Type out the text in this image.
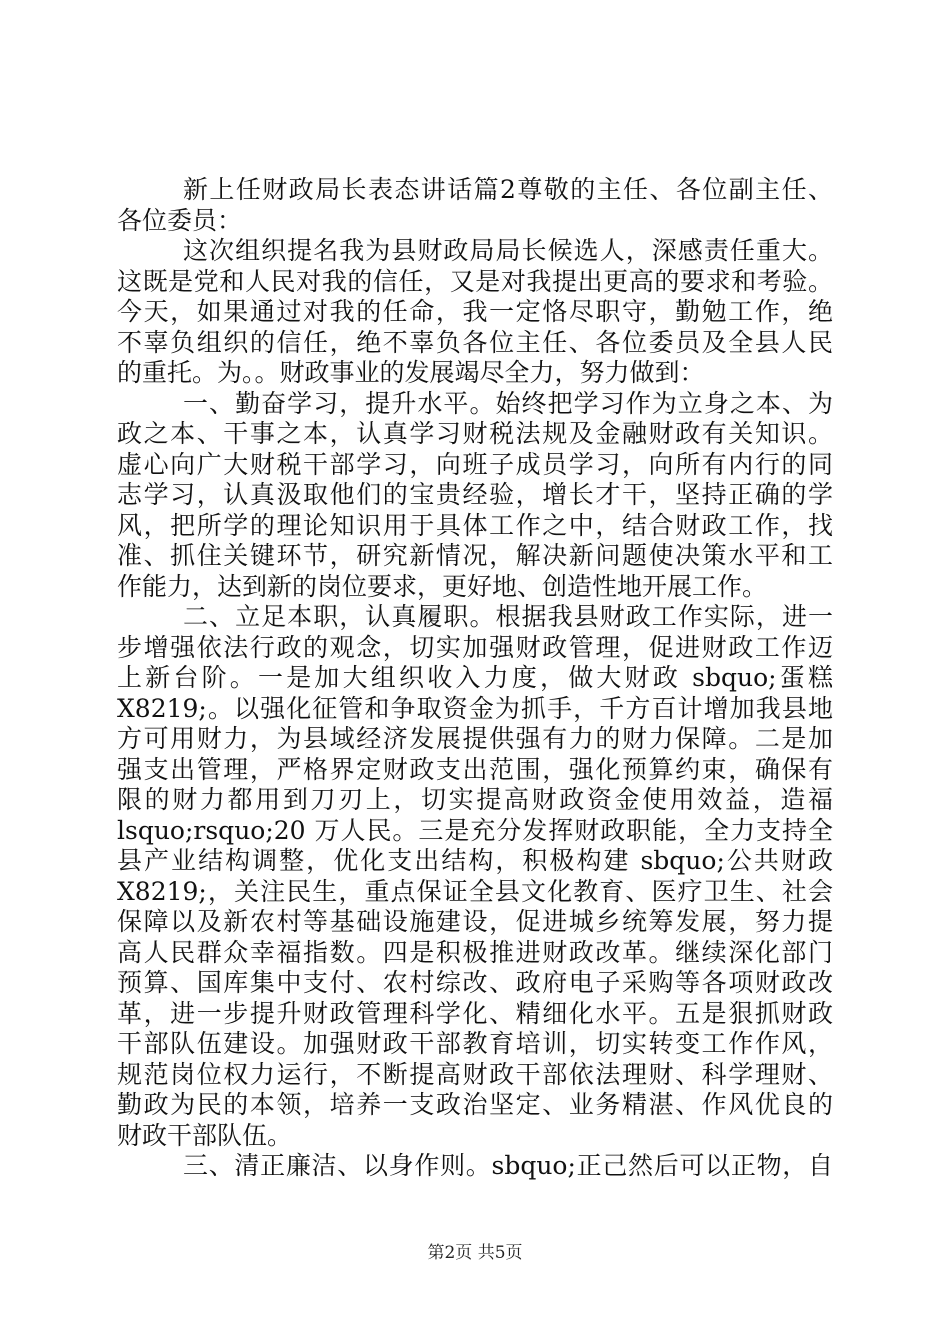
新上任财政局长表态讲话篇2尊敬的主任、各位副主任、
各位委员：
这次组织提名我为县财政局局长候选人，深感责任重大。
这既是党和人民对我的信任，又是对我提出更高的要求和考验。
今天，如果通过对我的任命，我一定恪尽职守，勤勉工作，绝
不辜负组织的信任，绝不辜负各位主任、各位委员及全县人民
的重托。为。。财政事业的发展竭尽全力，努力做到：
一、勤奋学习，提升水平。始终把学习作为立身之本、为
政之本、干事之本，认真学习财税法规及金融财政有关知识。
虚心向广大财税干部学习，向班子成员学习，向所有内行的同
志学习，认真汲取他们的宝贵经验，增长才干，坚持正确的学
风，把所学的理论知识用于具体工作之中，结合财政工作，找
准、抓住关键环节，研究新情况，解决新问题使决策水平和工
作能力，达到新的岗位要求，更好地、创造性地开展工作。
二、立足本职，认真履职。根据我县财政工作实际，进一
步增强依法行政的观念，切实加强财政管理，促进财政工作迈
上新台阶。一是加大组织收入力度，做大财政 sbquo;蛋糕
X8219;。以强化征管和争取资金为抓手，千方百计增加我县地
方可用财力，为县域经济发展提供强有力的财力保障。二是加
强支出管理，严格界定财政支出范围，强化预算约束，确保有
限的财力都用到刀刃上，切实提高财政资金使用效益，造福
lsquo;rsquo;20 万人民。三是充分发挥财政职能，全力支持全
县产业结构调整，优化支出结构，积极构建 sbquo;公共财政
X8219;，关注民生，重点保证全县文化教育、医疗卫生、社会
保障以及新农村等基础设施建设，促进城乡统筹发展，努力提
高人民群众幸福指数。四是积极推进财政改革。继续深化部门
预算、国库集中支付、农村综改、政府电子采购等各项财政改
革，进一步提升财政管理科学化、精细化水平。五是狠抓财政
干部队伍建设。加强财政干部教育培训，切实转变工作作风，
规范岗位权力运行，不断提高财政干部依法理财、科学理财、
勤政为民的本领，培养一支政治坚定、业务精湛、作风优良的
财政干部队伍。
三、清正廉洁、以身作则。sbquo;正己然后可以正物，自
第2页 共5页
